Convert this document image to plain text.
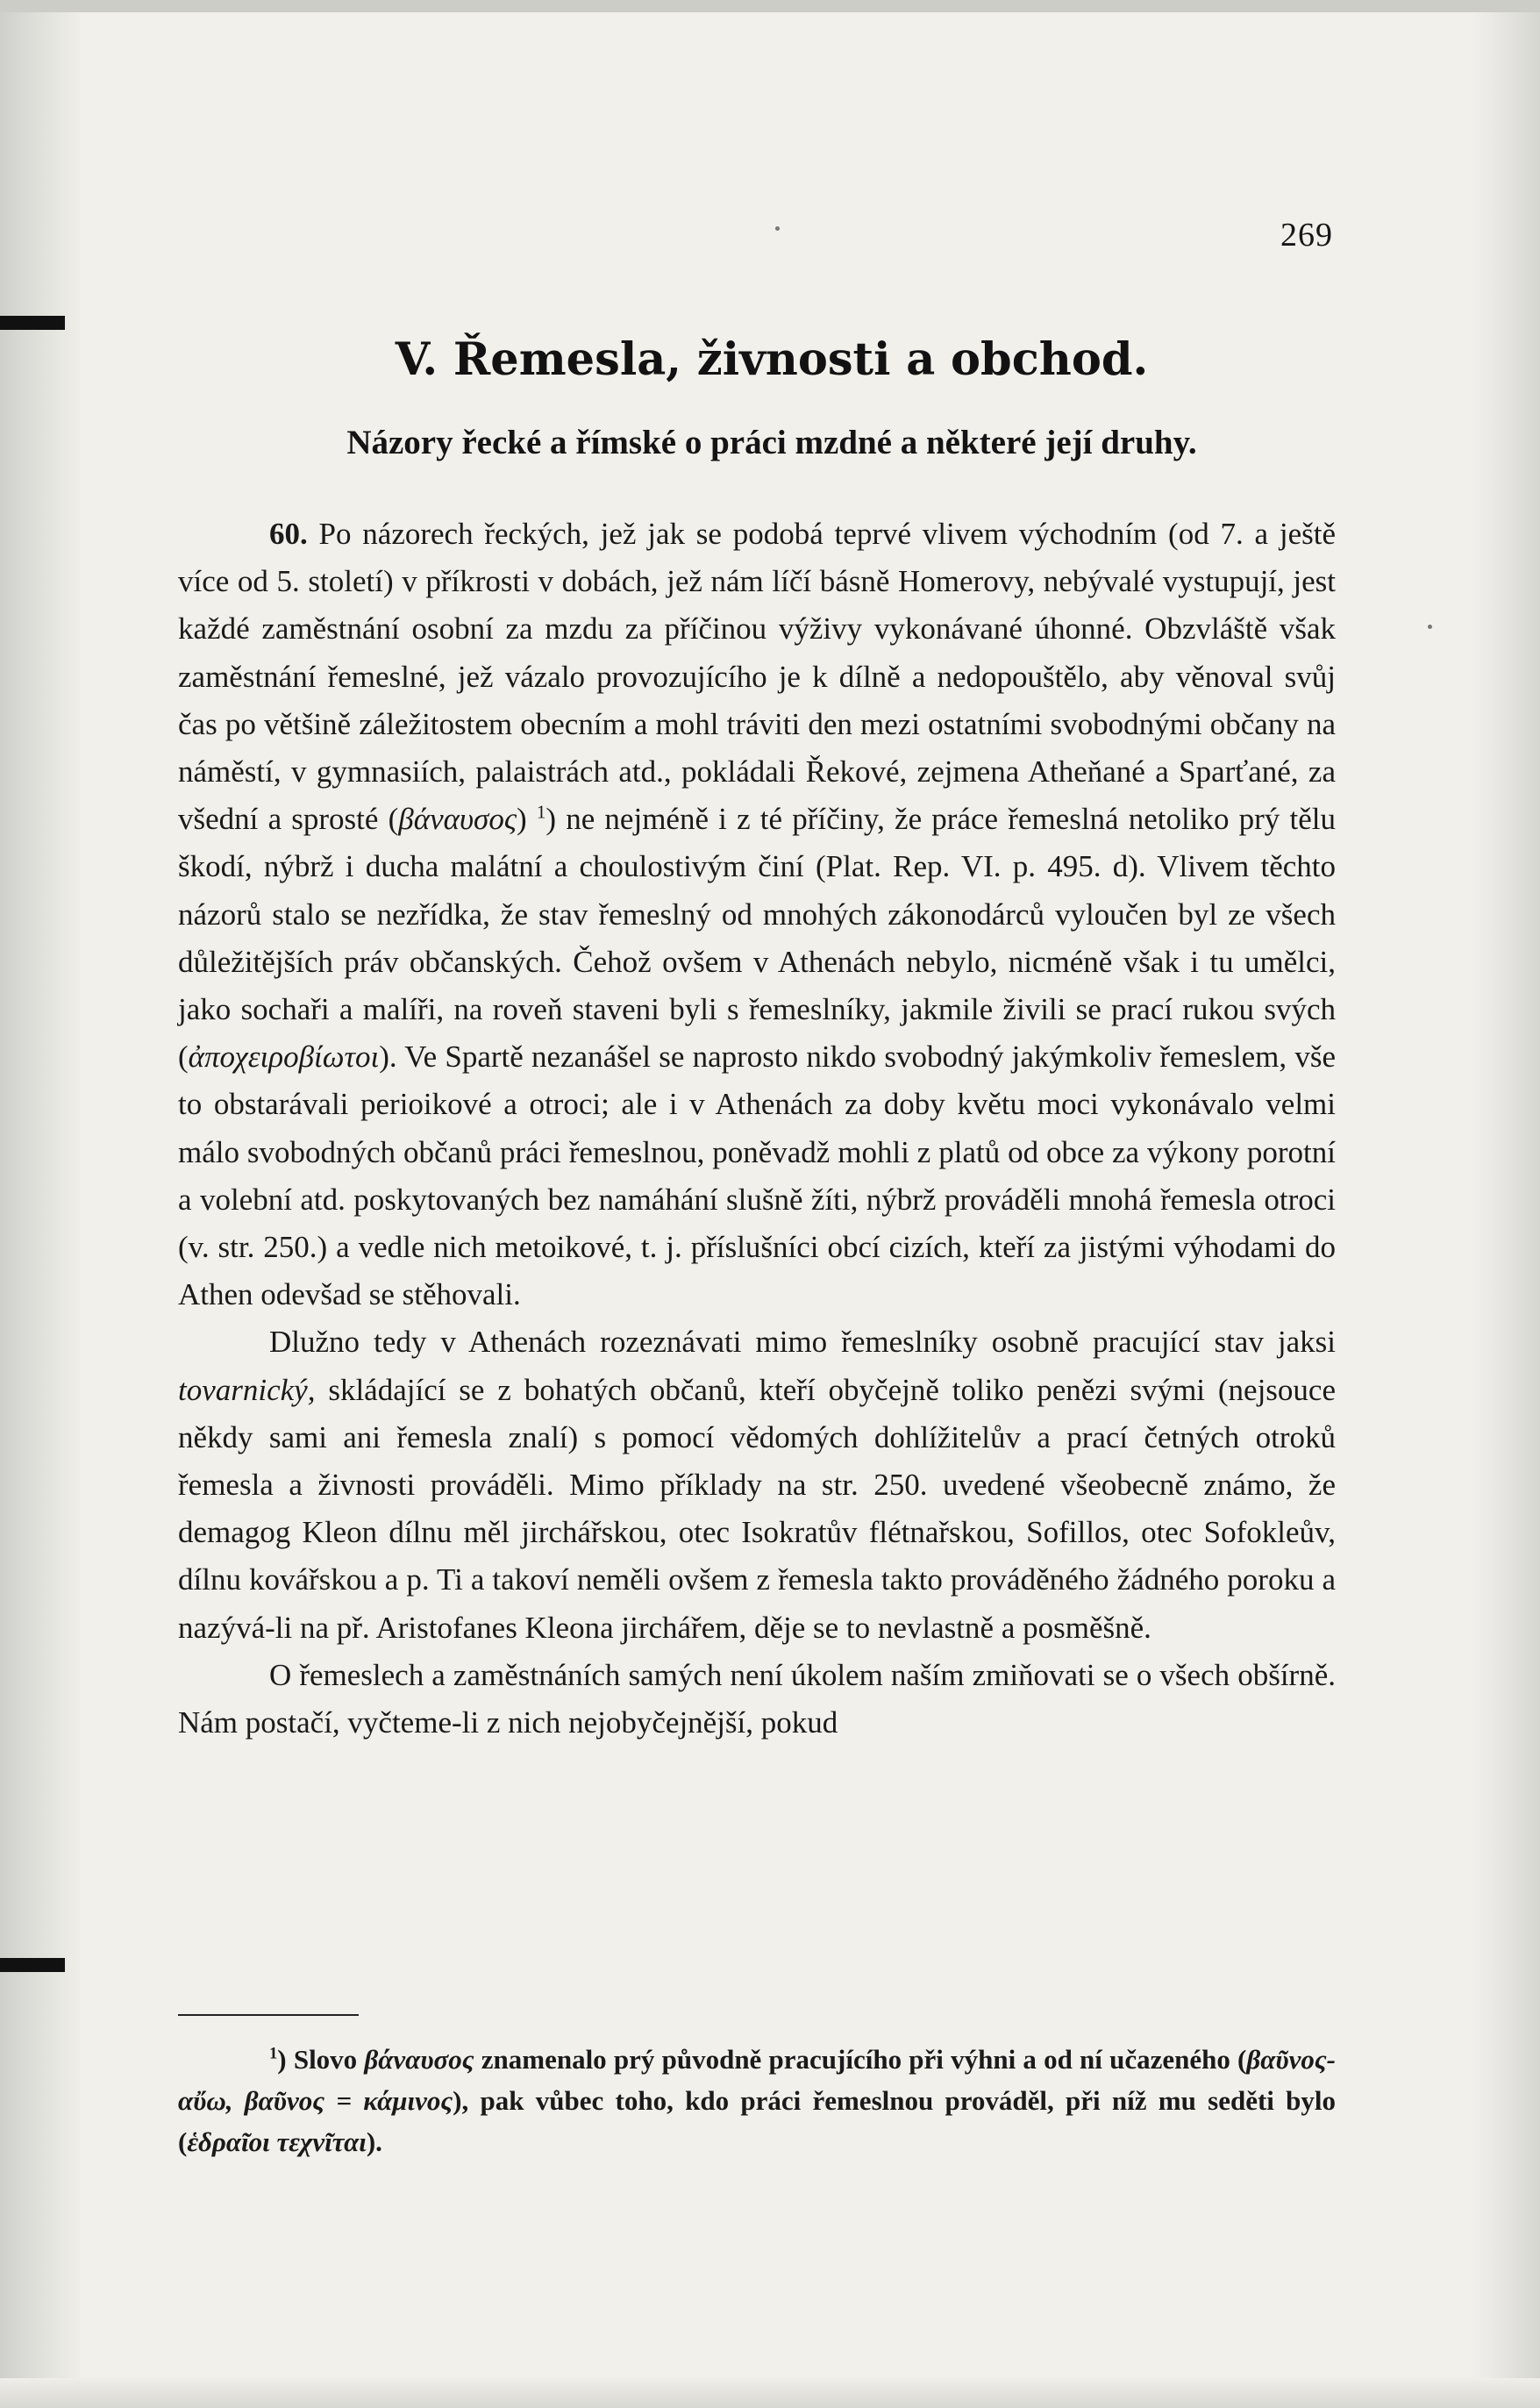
269
V. Řemesla, živnosti a obchod.
Názory řecké a římské o práci mzdné a některé její druhy.

60. Po názorech řeckých, jež jak se podobá teprvé vlivem východním (od 7. a ještě více od 5. století) v příkrosti v dobách, jež nám líčí básně Homerovy, nebývalé vystupují, jest každé zaměstnání osobní za mzdu za příčinou výživy vykonávané úhonné. Obzvláště však zaměstnání řemeslné, jež vázalo provozujícího je k dílně a nedopouštělo, aby věnoval svůj čas po většině záležitostem obecním a mohl tráviti den mezi ostatními svobodnými občany na náměstí, v gymnasiích, palaistrách atd., pokládali Řekové, zejmena Atheňané a Sparťané, za všední a sprosté (βάναυσος) $^1$) ne nejméně i z té příčiny, že práce řemeslná netoliko prý tělu škodí, nýbrž i ducha malátní a choulostivým činí (Plat. Rep. VI. p. 495. d). Vlivem těchto názorů stalo se nezřídka, že stav řemeslný od mnohých zákonodárců vyloučen byl ze všech důležitějších práv občanských. Čehož ovšem v Athenách nebylo, nicméně však i tu umělci, jako sochaři a malíři, na roveň staveni byli s řemeslníky, jakmile živili se prací rukou svých (ἀποχειροβίωτοι). Ve Spartě nezanášel se naprosto nikdo svobodný jakýmkoliv řemeslem, vše to obstarávali perioikové a otroci; ale i v Athenách za doby květu moci vykonávalo velmi málo svobodných občanů práci řemeslnou, poněvadž mohli z platů od obce za výkony porotní a volební atd. poskytovaných bez namáhání slušně žíti, nýbrž prováděli mnohá řemesla otroci (v. str. 250.) a vedle nich metoikové, t. j. příslušníci obcí cizích, kteří za jistými výhodami do Athen odevšad se stěhovali.

Dlužno tedy v Athenách rozeznávati mimo řemeslníky osobně pracující stav jaksi tovarnický, skládající se z bohatých občanů, kteří obyčejně toliko penězi svými (nejsouce někdy sami ani řemesla znalí) s pomocí vědomých dohlížitelův a prací četných otroků řemesla a živnosti prováděli. Mimo příklady na str. 250. uvedené všeobecně známo, že demagog Kleon dílnu měl jirchářskou, otec Isokratův flétnařskou, Sofillos, otec Sofokleův, dílnu kovářskou a p. Ti a takoví neměli ovšem z řemesla takto prováděného žádného poroku a nazývá-li na př. Aristofanes Kleona jirchářem, děje se to nevlastně a posměšně.

O řemeslech a zaměstnáních samých není úkolem naším zmiňovati se o všech obšírně. Nám postačí, vyčteme-li z nich nejobyčejnější, pokud

$^1$) Slovo βάναυσος znamenalo prý původně pracujícího při výhni a od ní učazeného (βαῦνος-αὔω, βαῦνος = κάμινος), pak vůbec toho, kdo práci řemeslnou prováděl, při níž mu seděti bylo (ἑδραῖοι τεχνῖται).
